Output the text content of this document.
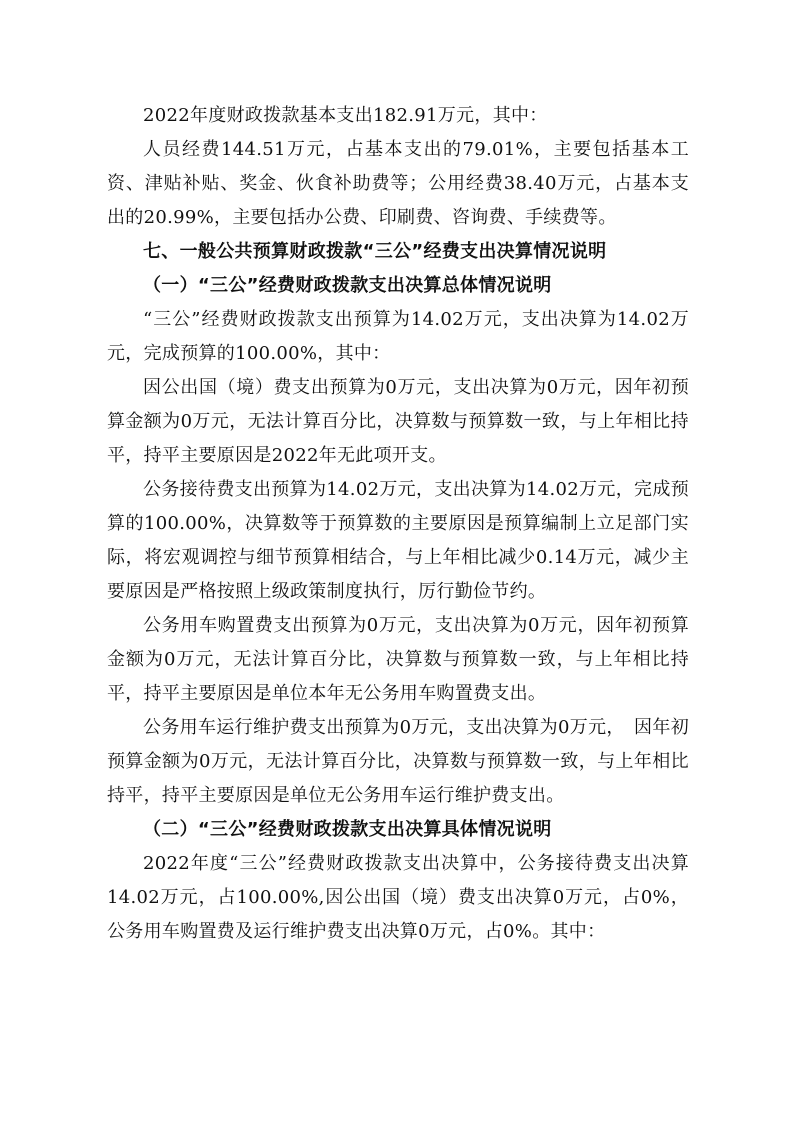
2022年度财政拨款基本支出182.91万元，其中：

人员经费144.51万元，占基本支出的79.01%，主要包括基本工资、津贴补贴、奖金、伙食补助费等；公用经费38.40万元，占基本支出的20.99%，主要包括办公费、印刷费、咨询费、手续费等。

七、一般公共预算财政拨款“三公”经费支出决算情况说明

（一）“三公”经费财政拨款支出决算总体情况说明

“三公”经费财政拨款支出预算为14.02万元，支出决算为14.02万元，完成预算的100.00%，其中：

因公出国（境）费支出预算为0万元，支出决算为0万元，因年初预算金额为0万元，无法计算百分比，决算数与预算数一致，与上年相比持平，持平主要原因是2022年无此项开支。

公务接待费支出预算为14.02万元，支出决算为14.02万元，完成预算的100.00%，决算数等于预算数的主要原因是预算编制上立足部门实际，将宏观调控与细节预算相结合，与上年相比减少0.14万元，减少主要原因是严格按照上级政策制度执行，厉行勤俭节约。

公务用车购置费支出预算为0万元，支出决算为0万元，因年初预算金额为0万元，无法计算百分比，决算数与预算数一致，与上年相比持平，持平主要原因是单位本年无公务用车购置费支出。

公务用车运行维护费支出预算为0万元，支出决算为0万元，　因年初预算金额为0万元，无法计算百分比，决算数与预算数一致，与上年相比持平，持平主要原因是单位无公务用车运行维护费支出。

（二）“三公”经费财政拨款支出决算具体情况说明

2022年度“三公”经费财政拨款支出决算中，公务接待费支出决算14.02万元，占100.00%,因公出国（境）费支出决算0万元，占0%，公务用车购置费及运行维护费支出决算0万元，占0%。其中：
